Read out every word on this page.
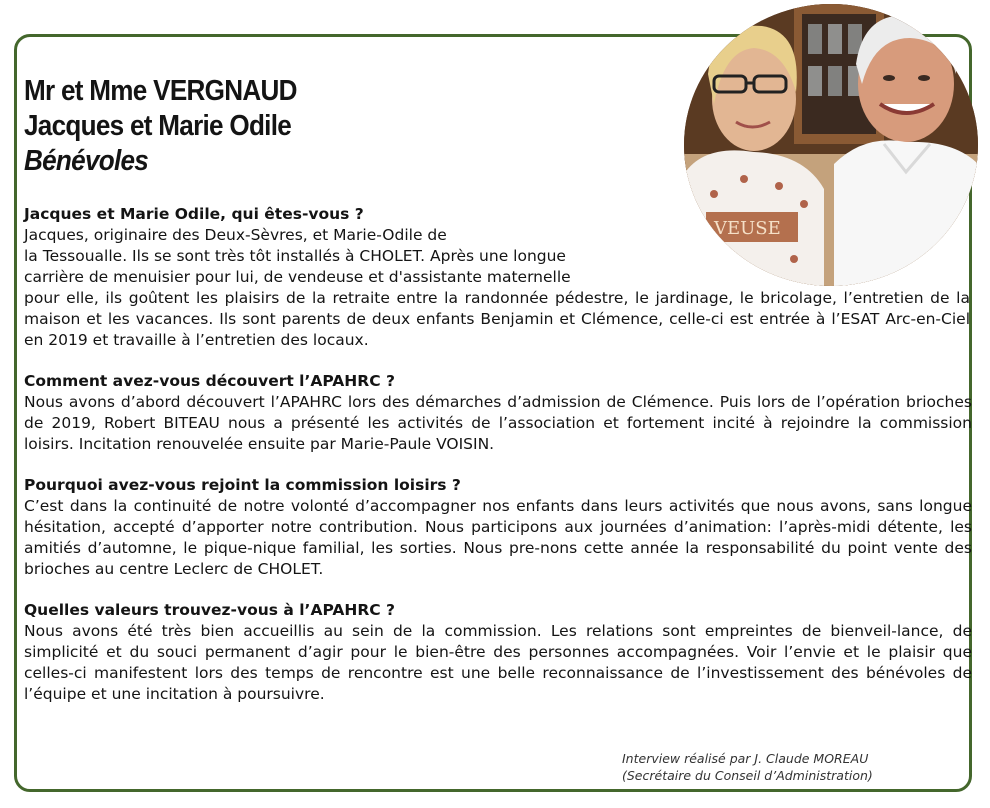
VEUSE
Mr et Mme VERGNAUD
Jacques et Marie Odile
Bénévoles
Jacques et Marie Odile, qui êtes-vous ?
Jacques, originaire des Deux-Sèvres, et Marie-Odile de
la Tessoualle. Ils se sont très tôt installés à CHOLET. Après une longue
carrière de menuisier pour lui, de vendeuse et d'assistante maternelle
pour elle, ils goûtent les plaisirs de la retraite entre la randonnée pédestre, le jardinage, le bricolage, l’entretien de la maison et les vacances. Ils sont parents de deux enfants Benjamin et Clémence, celle-ci est entrée à l’ESAT Arc-en-Ciel en 2019 et travaille à l’entretien des locaux.
Comment avez-vous découvert l’APAHRC ?
Nous avons d’abord découvert l’APAHRC lors des démarches d’admission de Clémence. Puis lors de l’opération brioches de 2019, Robert BITEAU nous a présenté les activités de l’association et fortement incité à rejoindre la commission loisirs. Incitation renouvelée ensuite par Marie-Paule VOISIN.
Pourquoi avez-vous rejoint la commission loisirs ?
C’est dans la continuité de notre volonté d’accompagner nos enfants dans leurs activités que nous avons, sans longue hésitation, accepté d’apporter notre contribution. Nous participons aux journées d’animation: l’après-midi détente, les amitiés d’automne, le pique-nique familial, les sorties. Nous pre-nons cette année la responsabilité du point vente des brioches au centre Leclerc de CHOLET.
Quelles valeurs trouvez-vous à l’APAHRC ?
Nous avons été très bien accueillis au sein de la commission. Les relations sont empreintes de bienveil-lance, de simplicité et du souci permanent d’agir pour le bien-être des personnes accompagnées. Voir l’envie et le plaisir que celles-ci manifestent lors des temps de rencontre est une belle reconnaissance de l’investissement des bénévoles de l’équipe et une incitation à poursuivre.
Interview réalisé par J. Claude MOREAU
(Secrétaire du Conseil d’Administration)
